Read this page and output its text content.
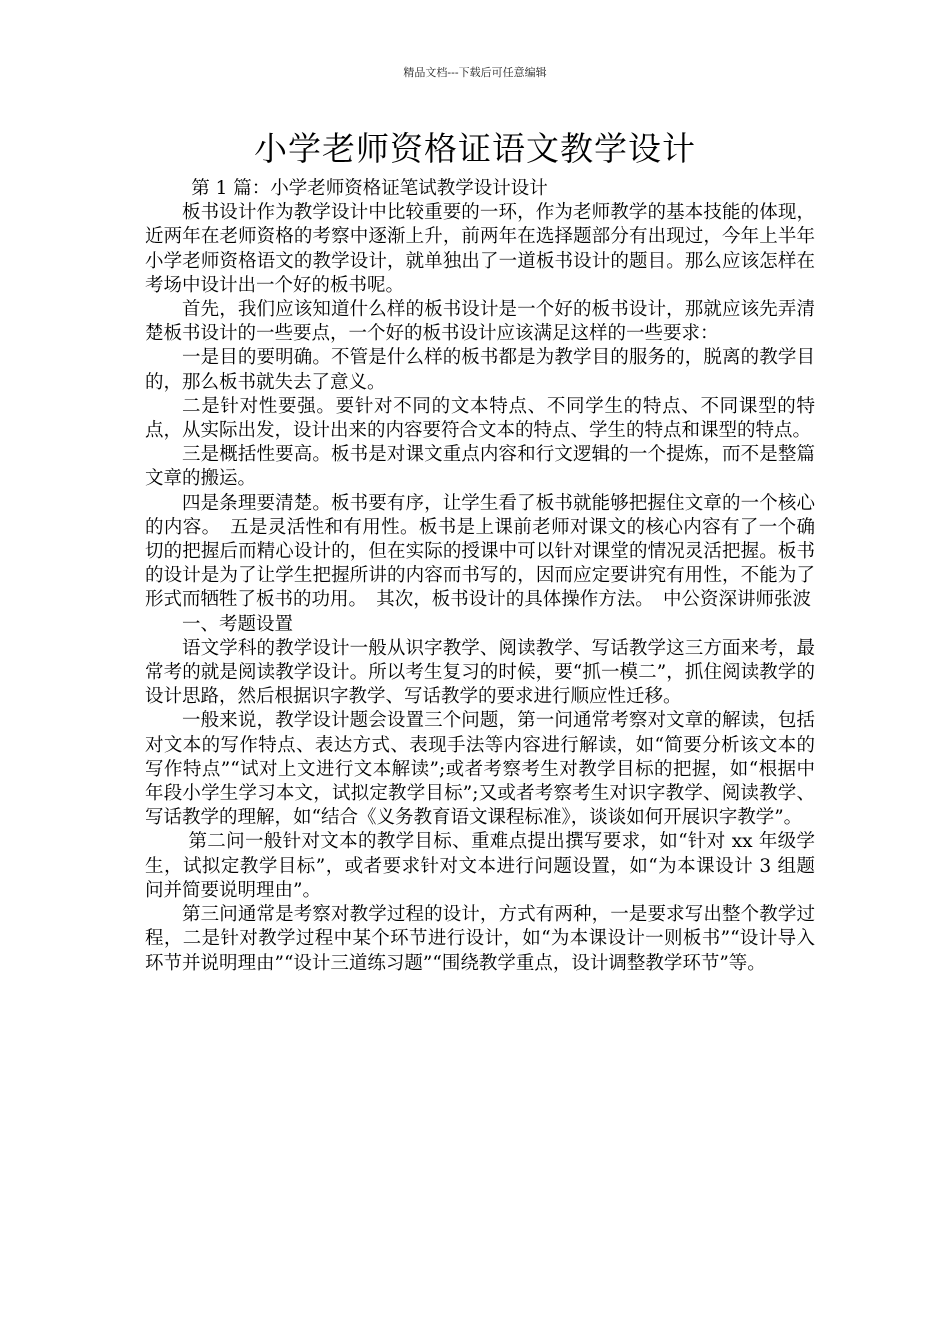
精品文档---下载后可任意编辑
小学老师资格证语文教学设计

第 1 篇：小学老师资格证笔试教学设计设计

板书设计作为教学设计中比较重要的一环，作为老师教学的基本技能的体现，近两年在老师资格的考察中逐渐上升，前两年在选择题部分有出现过，今年上半年小学老师资格语文的教学设计，就单独出了一道板书设计的题目。那么应该怎样在考场中设计出一个好的板书呢。

首先，我们应该知道什么样的板书设计是一个好的板书设计，那就应该先弄清楚板书设计的一些要点，一个好的板书设计应该满足这样的一些要求：

一是目的要明确。不管是什么样的板书都是为教学目的服务的，脱离的教学目的，那么板书就失去了意义。

二是针对性要强。要针对不同的文本特点、不同学生的特点、不同课型的特点，从实际出发，设计出来的内容要符合文本的特点、学生的特点和课型的特点。

三是概括性要高。板书是对课文重点内容和行文逻辑的一个提炼，而不是整篇文章的搬运。

四是条理要清楚。板书要有序，让学生看了板书就能够把握住文章的一个核心的内容。　五是灵活性和有用性。板书是上课前老师对课文的核心内容有了一个确切的把握后而精心设计的，但在实际的授课中可以针对课堂的情况灵活把握。板书的设计是为了让学生把握所讲的内容而书写的，因而应定要讲究有用性，不能为了形式而牺牲了板书的功用。　其次，板书设计的具体操作方法。　中公资深讲师张波

一、考题设置

语文学科的教学设计一般从识字教学、阅读教学、写话教学这三方面来考，最常考的就是阅读教学设计。所以考生复习的时候，要“抓一模二”，抓住阅读教学的设计思路，然后根据识字教学、写话教学的要求进行顺应性迁移。

一般来说，教学设计题会设置三个问题，第一问通常考察对文章的解读，包括对文本的写作特点、表达方式、表现手法等内容进行解读，如“简要分析该文本的写作特点”“试对上文进行文本解读”;或者考察考生对教学目标的把握，如“根据中年段小学生学习本文，试拟定教学目标”;又或者考察考生对识字教学、阅读教学、写话教学的理解，如“结合《义务教育语文课程标准》，谈谈如何开展识字教学”。

第二问一般针对文本的教学目标、重难点提出撰写要求，如“针对 xx 年级学生，试拟定教学目标”，或者要求针对文本进行问题设置，如“为本课设计 3 组题问并简要说明理由”。

第三问通常是考察对教学过程的设计，方式有两种，一是要求写出整个教学过程，二是针对教学过程中某个环节进行设计，如“为本课设计一则板书”“设计导入环节并说明理由”“设计三道练习题”“围绕教学重点，设计调整教学环节”等。
